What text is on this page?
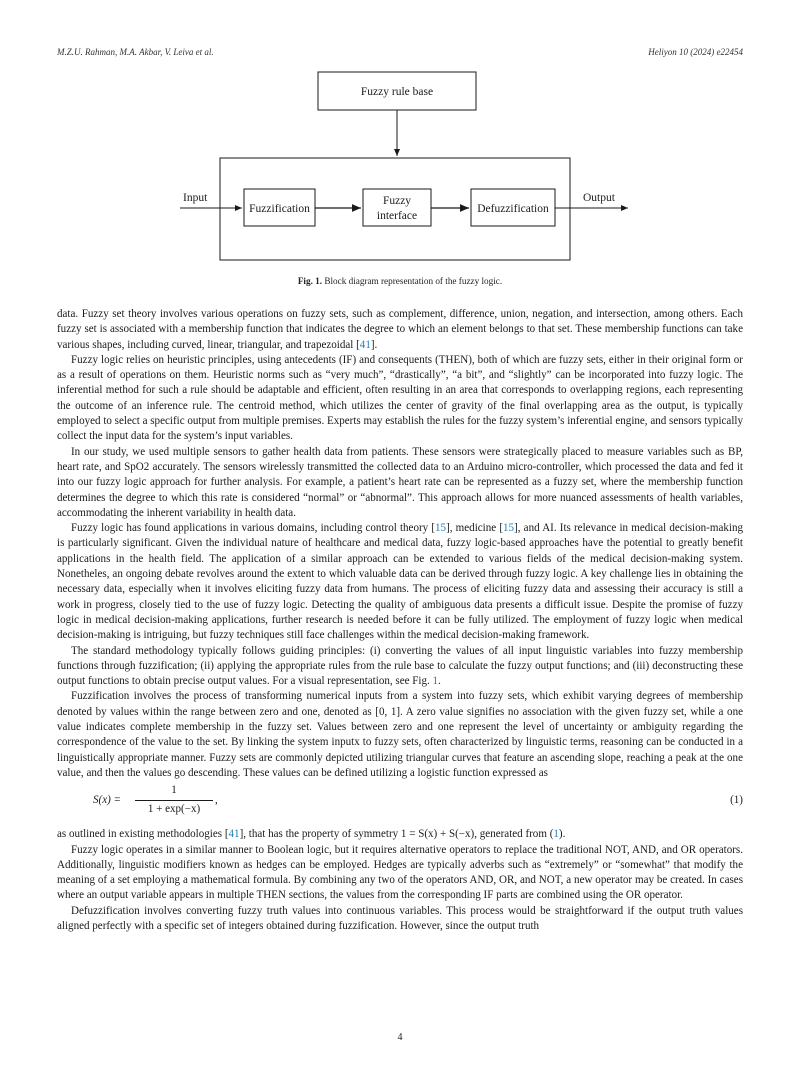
M.Z.U. Rahman, M.A. Akbar, V. Leiva et al.	Heliyon 10 (2024) e22454
Fuzzy rule base
Input
Fuzzification
Fuzzy
interface
Defuzzification
Output
Fig. 1. Block diagram representation of the fuzzy logic.

data. Fuzzy set theory involves various operations on fuzzy sets, such as complement, difference, union, negation, and intersection, among others. Each fuzzy set is associated with a membership function that indicates the degree to which an element belongs to that set. These membership functions can take various shapes, including curved, linear, triangular, and trapezoidal [41].

Fuzzy logic relies on heuristic principles, using antecedents (IF) and consequents (THEN), both of which are fuzzy sets, either in their original form or as a result of operations on them. Heuristic norms such as “very much”, “drastically”, “a bit”, and “slightly” can be incorporated into fuzzy logic. The inferential method for such a rule should be adaptable and efficient, often resulting in an area that corresponds to overlapping regions, each representing the outcome of an inference rule. The centroid method, which utilizes the center of gravity of the final overlapping area as the output, is typically employed to select a specific output from multiple premises. Experts may establish the rules for the fuzzy system’s inferential engine, and sensors typically collect the input data for the system’s input variables.

In our study, we used multiple sensors to gather health data from patients. These sensors were strategically placed to measure variables such as BP, heart rate, and SpO2 accurately. The sensors wirelessly transmitted the collected data to an Arduino micro-controller, which processed the data and fed it into our fuzzy logic approach for further analysis. For example, a patient’s heart rate can be represented as a fuzzy set, where the membership function determines the degree to which this rate is considered “normal” or “abnormal”. This approach allows for more nuanced assessments of health variables, accommodating the inherent variability in health data.

Fuzzy logic has found applications in various domains, including control theory [15], medicine [15], and AI. Its relevance in medical decision-making is particularly significant. Given the individual nature of healthcare and medical data, fuzzy logic-based approaches have the potential to greatly benefit applications in the health field. The application of a similar approach can be extended to various fields of the medical decision-making system. Nonetheles, an ongoing debate revolves around the extent to which valuable data can be derived through fuzzy logic. A key challenge lies in obtaining the necessary data, especially when it involves eliciting fuzzy data from humans. The process of eliciting fuzzy data and assessing their accuracy is still a work in progress, closely tied to the use of fuzzy logic. Detecting the quality of ambiguous data presents a difficult issue. Despite the promise of fuzzy logic in medical decision-making applications, further research is needed before it can be fully utilized. The employment of fuzzy logic when medical decision-making is intriguing, but fuzzy techniques still face challenges within the medical decision-making framework.

The standard methodology typically follows guiding principles: (i) converting the values of all input linguistic variables into fuzzy membership functions through fuzzification; (ii) applying the appropriate rules from the rule base to calculate the fuzzy output functions; and (iii) deconstructing these output functions to obtain precise output values. For a visual representation, see Fig. 1.

Fuzzification involves the process of transforming numerical inputs from a system into fuzzy sets, which exhibit varying degrees of membership denoted by values within the range between zero and one, denoted as [0, 1]. A zero value signifies no association with the given fuzzy set, while a one value indicates complete membership in the fuzzy set. Values between zero and one represent the level of uncertainty or ambiguity regarding the correspondence of the value to the set. By linking the system inputx to fuzzy sets, often characterized by linguistic terms, reasoning can be conducted in a linguistically appropriate manner. Fuzzy sets are commonly depicted utilizing triangular curves that feature an ascending slope, reaching a peak at the one value, and then the values go descending. These values can be defined utilizing a logistic function expressed as

$S(x) = \frac{1}{1 + \exp(-x)}$ ,	(1)

as outlined in existing methodologies [41], that has the property of symmetry 1 = S(x) + S(−x), generated from (1).

Fuzzy logic operates in a similar manner to Boolean logic, but it requires alternative operators to replace the traditional NOT, AND, and OR operators. Additionally, linguistic modifiers known as hedges can be employed. Hedges are typically adverbs such as “extremely” or “somewhat” that modify the meaning of a set employing a mathematical formula. By combining any two of the operators AND, OR, and NOT, a new operator may be created. In cases where an output variable appears in multiple THEN sections, the values from the corresponding IF parts are combined using the OR operator.

Defuzzification involves converting fuzzy truth values into continuous variables. This process would be straightforward if the output truth values aligned perfectly with a specific set of integers obtained during fuzzification. However, since the output truth

4
